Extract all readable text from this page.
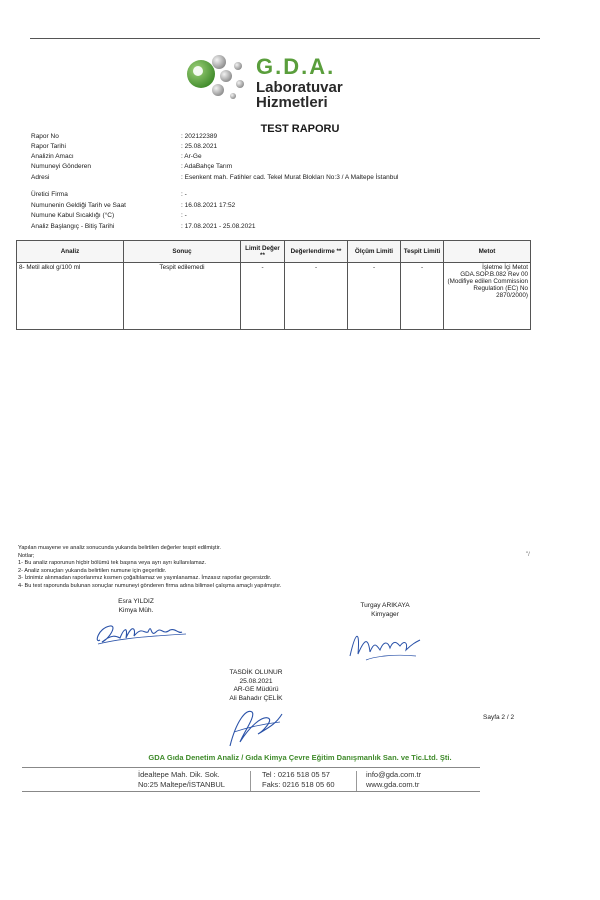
G.D.A.
Laboratuvar
Hizmetleri
TEST RAPORU
Rapor No	: 202122389
Rapor Tarihi	: 25.08.2021
Analizin Amacı	: Ar-Ge
Numuneyi Gönderen	: AdaBahçe Tarım
Adresi	: Esenkent mah. Fatihler cad. Tekel Murat Blokları No:3 / A Maltepe İstanbul
Üretici Firma	: -
Numunenin Geldiği Tarih ve Saat	: 16.08.2021 17:52
Numune Kabul Sıcaklığı (°C)	: -
Analiz Başlangıç - Bitiş Tarihi	: 17.08.2021 - 25.08.2021
Analiz	Sonuç	Limit Değer **	Değerlendirme **	Ölçüm Limiti	Tespit Limiti	Metot
8- Metil alkol g/100 ml	Tespit edilemedi	-	-	-	-	İşletme İçi Metot GDA.SOP.B.082 Rev 00 (Modifiye edilen Commission Regulation (EC) No 2870/2000)
Yapılan muayene ve analiz sonucunda yukarıda belirtilen değerler tespit edilmiştir.
Notlar;
1- Bu analiz raporunun hiçbir bölümü tek başına veya ayrı ayrı kullanılamaz.
2- Analiz sonuçları yukarıda belirtilen numune için geçerlidir.
3- İzinimiz alınmadan raporlarımız kısmen çoğaltılamaz ve yayınlanamaz. İmzasız raporlar geçersizdir.
4- Bu test raporunda bulunan sonuçlar numuneyi gönderen firma adına bilimsel çalışma amaçlı yapılmıştır.
"/
Esra YILDIZ
Kimya Müh.
Turgay ARIKAYA
Kimyager
TASDİK OLUNUR
25.08.2021
AR-GE Müdürü
Ali Bahadır ÇELİK
Sayfa 2 / 2
GDA Gıda Denetim Analiz / Gıda Kimya Çevre Eğitim Danışmanlık San. ve Tic.Ltd. Şti.
İdealtepe Mah. Dik. Sok.
No:25 Maltepe/İSTANBUL
Tel : 0216 518 05 57
Faks: 0216 518 05 60
info@gda.com.tr
www.gda.com.tr
